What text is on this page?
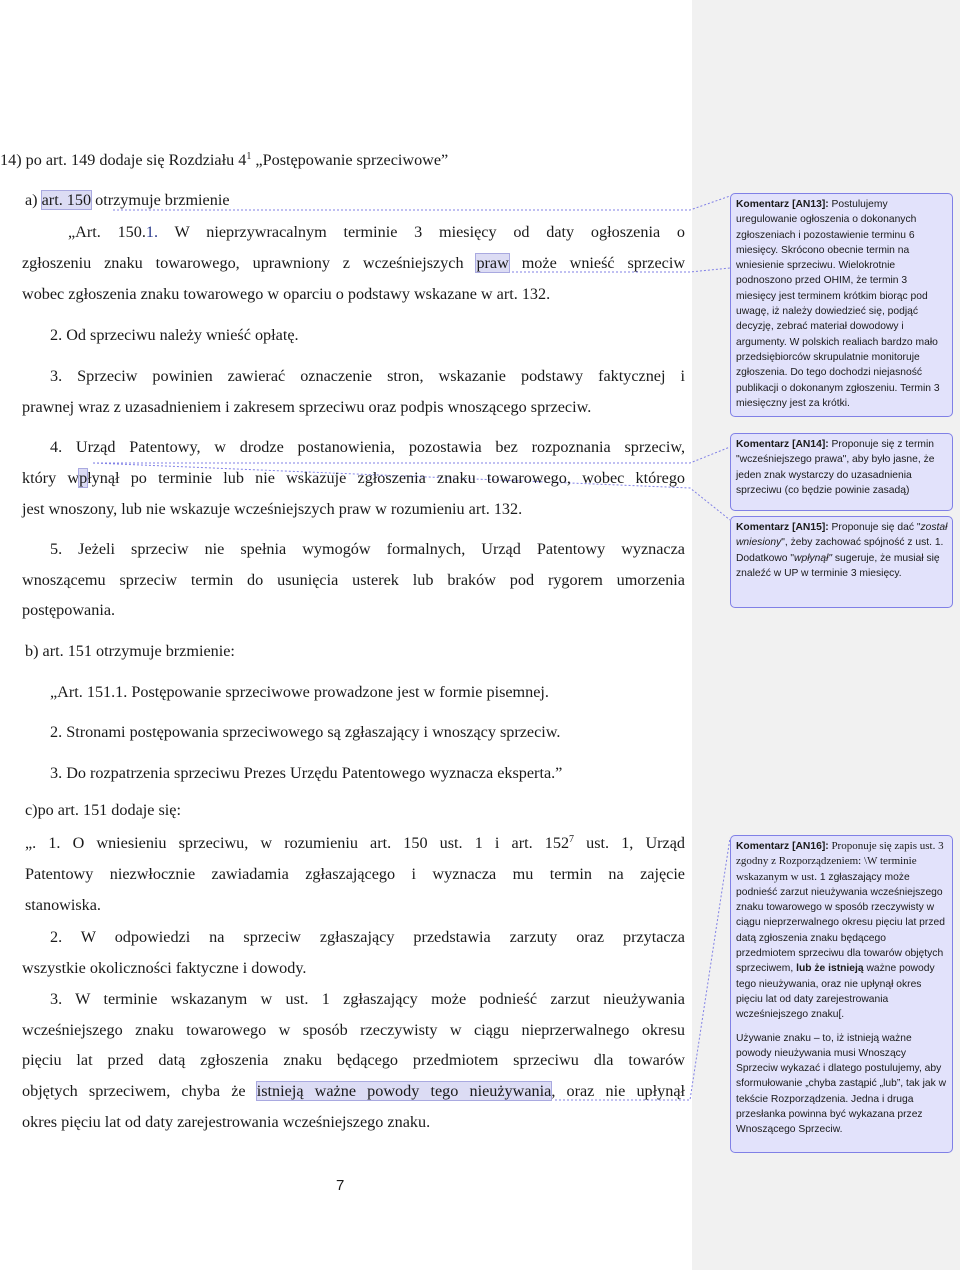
14) po art. 149 dodaje się Rozdziału $4^1$ „Postępowanie sprzeciwowe”
a) art. 150 otrzymuje brzmienie
„Art. 150.1. W nieprzywracalnym terminie 3 miesięcy od daty ogłoszenia o
zgłoszeniu znaku towarowego, uprawniony z wcześniejszych praw może wnieść sprzeciw
wobec zgłoszenia znaku towarowego w oparciu o podstawy wskazane w art. 132.
2. Od sprzeciwu należy wnieść opłatę.
3. Sprzeciw powinien zawierać oznaczenie stron, wskazanie podstawy faktycznej i
prawnej wraz z uzasadnieniem i zakresem sprzeciwu oraz podpis wnoszącego sprzeciw.
4. Urząd Patentowy, w drodze postanowienia, pozostawia bez rozpoznania sprzeciw,
który wpłynął po terminie lub nie wskazuje zgłoszenia znaku towarowego, wobec którego
jest wnoszony, lub nie wskazuje wcześniejszych praw w rozumieniu art. 132.
5. Jeżeli sprzeciw nie spełnia wymogów formalnych, Urząd Patentowy wyznacza
wnoszącemu sprzeciw termin do usunięcia usterek lub braków pod rygorem umorzenia
postępowania.
b) art. 151 otrzymuje brzmienie:
„Art. 151.1. Postępowanie sprzeciwowe prowadzone jest w formie pisemnej.
2. Stronami postępowania sprzeciwowego są zgłaszający i wnoszący sprzeciw.
3. Do rozpatrzenia sprzeciwu Prezes Urzędu Patentowego wyznacza eksperta.”
c)po art. 151 dodaje się:
„. 1. O wniesieniu sprzeciwu, w rozumieniu art. 150 ust. 1 i art. $152^7$ ust. 1, Urząd
Patentowy niezwłocznie zawiadamia zgłaszającego i wyznacza mu termin na zajęcie
stanowiska.
2. W odpowiedzi na sprzeciw zgłaszający przedstawia zarzuty oraz przytacza
wszystkie okoliczności faktyczne i dowody.
3. W terminie wskazanym w ust. 1 zgłaszający może podnieść zarzut nieużywania
wcześniejszego znaku towarowego w sposób rzeczywisty w ciągu nieprzerwalnego okresu
pięciu lat przed datą zgłoszenia znaku będącego przedmiotem sprzeciwu dla towarów
objętych sprzeciwem, chyba że istnieją ważne powody tego nieużywania, oraz nie upłynął
okres pięciu lat od daty zarejestrowania wcześniejszego znaku.
7
Komentarz [AN13]: Postulujemy uregulowanie ogłoszenia o dokonanych zgłoszeniach i pozostawienie terminu 6 miesięcy. Skrócono obecnie termin na wniesienie sprzeciwu. Wielokrotnie podnoszono przed OHIM, że termin 3 miesięcy jest terminem krótkim biorąc pod uwagę, iż należy dowiedzieć się, podjąć decyzję, zebrać materiał dowodowy i argumenty. W polskich realiach bardzo mało przedsiębiorców skrupulatnie monitoruje zgłoszenia. Do tego dochodzi niejasność publikacji o dokonanym zgłoszeniu. Termin 3 miesięczny jest za krótki.
Komentarz [AN14]: Proponuje się z termin "wcześniejszego prawa", aby było jasne, że jeden znak wystarczy do uzasadnienia sprzeciwu (co będzie powinie zasadą)
Komentarz [AN15]: Proponuje się dać "został wniesiony", żeby zachować spójność z ust. 1. Dodatkowo "wpłynął" sugeruje, że musiał się znaleźć w UP w terminie 3 miesięcy.
Komentarz [AN16]: Proponuje się zapis ust. 3 zgodny z Rozporządzeniem: \W terminie wskazanym w ust. 1 zgłaszający może podnieść zarzut nieużywania wcześniejszego znaku towarowego w sposób rzeczywisty w ciągu nieprzerwalnego okresu pięciu lat przed datą zgłoszenia znaku będącego przedmiotem sprzeciwu dla towarów objętych sprzeciwem, lub że istnieją ważne powody tego nieużywania, oraz nie upłynął okres pięciu lat od daty zarejestrowania wcześniejszego znaku[.
Używanie znaku – to, iż istnieją ważne powody nieużywania musi Wnoszący Sprzeciw wykazać i dlatego postulujemy, aby sformułowanie „chyba zastąpić „lub”, tak jak w tekście Rozporządzenia. Jedna i druga przesłanka powinna być wykazana przez Wnoszącego Sprzeciw.
